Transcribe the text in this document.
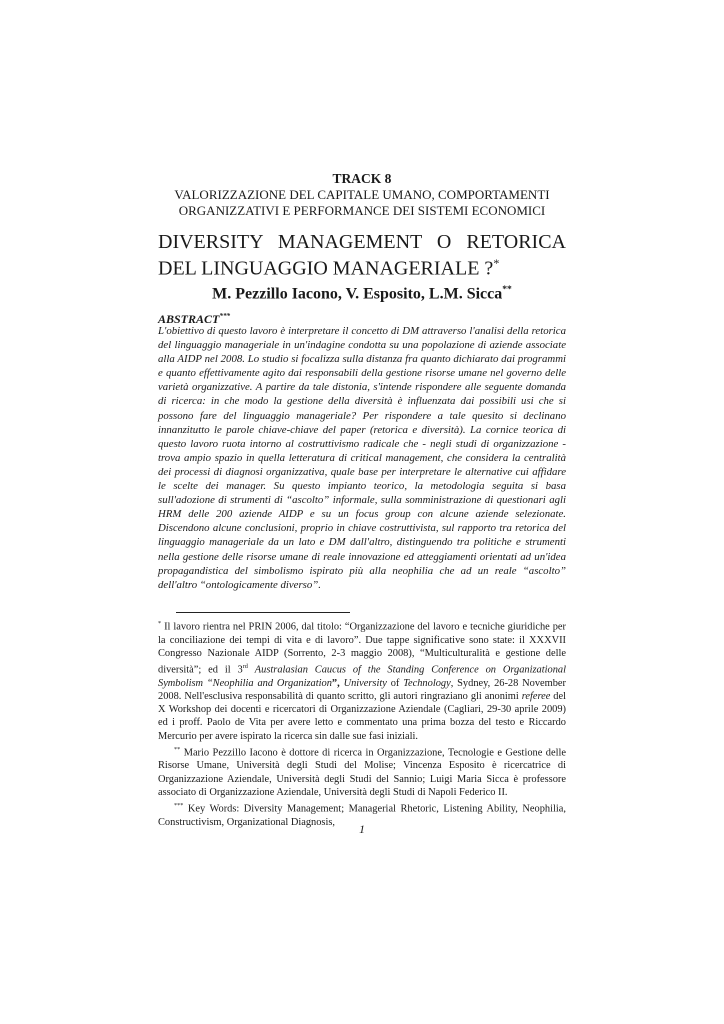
TRACK 8
VALORIZZAZIONE DEL CAPITALE UMANO, COMPORTAMENTI
ORGANIZZATIVI E PERFORMANCE DEI SISTEMI ECONOMICI
DIVERSITY MANAGEMENT O RETORICA DEL LINGUAGGIO MANAGERIALE ?*
M. Pezzillo Iacono, V. Esposito, L.M. Sicca**
ABSTRACT***
L'obiettivo di questo lavoro è interpretare il concetto di DM attraverso l'analisi della retorica del linguaggio manageriale in un'indagine condotta su una popolazione di aziende associate alla AIDP nel 2008. Lo studio si focalizza sulla distanza fra quanto dichiarato dai programmi e quanto effettivamente agito dai responsabili della gestione risorse umane nel governo delle varietà organizzative. A partire da tale distonia, s'intende rispondere alle seguente domanda di ricerca: in che modo la gestione della diversità è influenzata dai possibili usi che si possono fare del linguaggio manageriale? Per rispondere a tale quesito si declinano innanzitutto le parole chiave-chiave del paper (retorica e diversità). La cornice teorica di questo lavoro ruota intorno al costruttivismo radicale che - negli studi di organizzazione - trova ampio spazio in quella letteratura di critical management, che considera la centralità dei processi di diagnosi organizzativa, quale base per interpretare le alternative cui affidare le scelte dei manager. Su questo impianto teorico, la metodologia seguita si basa sull'adozione di strumenti di “ascolto” informale, sulla somministrazione di questionari agli HRM delle 200 aziende AIDP e su un focus group con alcune aziende selezionate. Discendono alcune conclusioni, proprio in chiave costruttivista, sul rapporto tra retorica del linguaggio manageriale da un lato e DM dall'altro, distinguendo tra politiche e strumenti nella gestione delle risorse umane di reale innovazione ed atteggiamenti orientati ad un'idea propagandistica del simbolismo ispirato più alla neophilia che ad un reale “ascolto” dell'altro “ontologicamente diverso”.

* Il lavoro rientra nel PRIN 2006, dal titolo: “Organizzazione del lavoro e tecniche giuridiche per la conciliazione dei tempi di vita e di lavoro”. Due tappe significative sono state: il XXXVII Congresso Nazionale AIDP (Sorrento, 2-3 maggio 2008), “Multiculturalità e gestione delle diversità”; ed il 3rd Australasian Caucus of the Standing Conference on Organizational Symbolism “Neophilia and Organization”, University of Technology, Sydney, 26-28 November 2008. Nell'esclusiva responsabilità di quanto scritto, gli autori ringraziano gli anonimi referee del X Workshop dei docenti e ricercatori di Organizzazione Aziendale (Cagliari, 29-30 aprile 2009) ed i proff. Paolo de Vita per avere letto e commentato una prima bozza del testo e Riccardo Mercurio per avere ispirato la ricerca sin dalle sue fasi iniziali.

** Mario Pezzillo Iacono è dottore di ricerca in Organizzazione, Tecnologie e Gestione delle Risorse Umane, Università degli Studi del Molise; Vincenza Esposito è ricercatrice di Organizzazione Aziendale, Università degli Studi del Sannio; Luigi Maria Sicca è professore associato di Organizzazione Aziendale, Università degli Studi di Napoli Federico II.

*** Key Words: Diversity Management; Managerial Rhetoric, Listening Ability, Neophilia, Constructivism, Organizational Diagnosis,	1
